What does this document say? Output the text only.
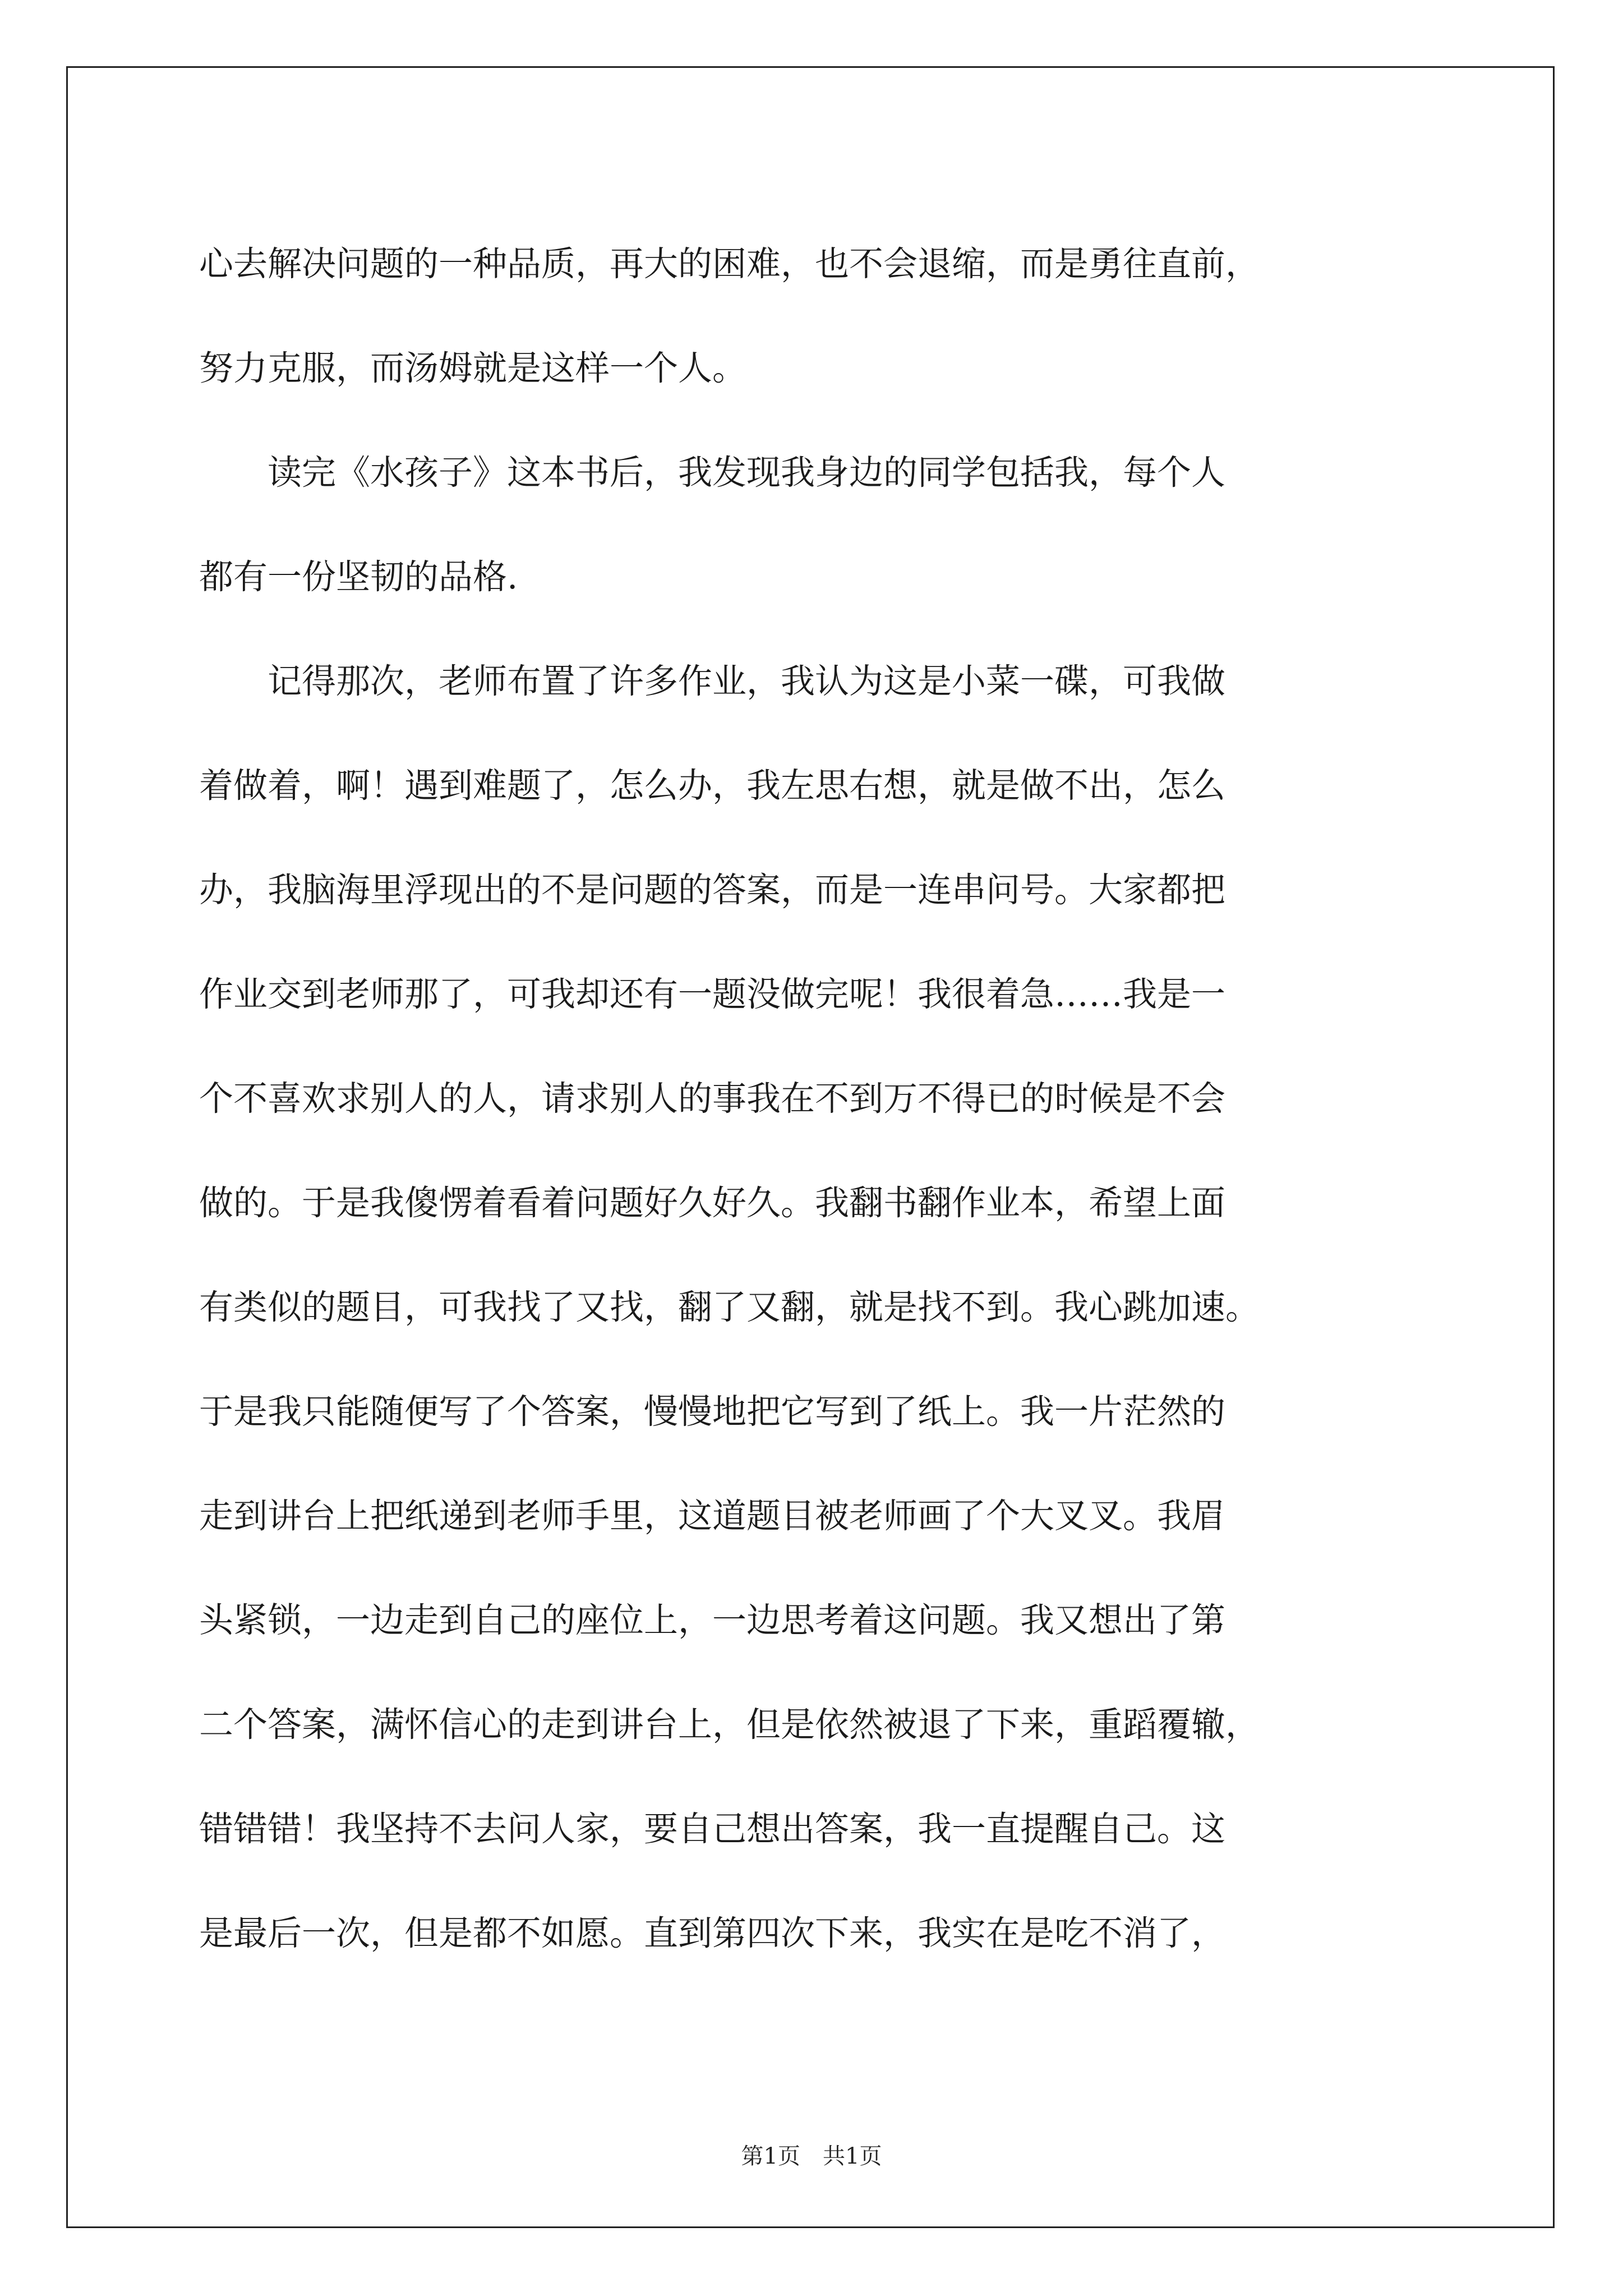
心去解决问题的一种品质，再大的困难，也不会退缩，而是勇往直前，
努力克服，而汤姆就是这样一个人。
　　读完《水孩子》这本书后，我发现我身边的同学包括我，每个人
都有一份坚韧的品格.
　　记得那次，老师布置了许多作业，我认为这是小菜一碟，可我做
着做着，啊！遇到难题了，怎么办，我左思右想，就是做不出，怎么
办，我脑海里浮现出的不是问题的答案，而是一连串问号。大家都把
作业交到老师那了，可我却还有一题没做完呢！我很着急……我是一
个不喜欢求别人的人，请求别人的事我在不到万不得已的时候是不会
做的。于是我傻愣着看着问题好久好久。我翻书翻作业本，希望上面
有类似的题目，可我找了又找，翻了又翻，就是找不到。我心跳加速。
于是我只能随便写了个答案，慢慢地把它写到了纸上。我一片茫然的
走到讲台上把纸递到老师手里，这道题目被老师画了个大叉叉。我眉
头紧锁，一边走到自己的座位上，一边思考着这问题。我又想出了第
二个答案，满怀信心的走到讲台上，但是依然被退了下来，重蹈覆辙，
错错错！我坚持不去问人家，要自己想出答案，我一直提醒自己。这
是最后一次，但是都不如愿。直到第四次下来，我实在是吃不消了，
第1页　共1页
